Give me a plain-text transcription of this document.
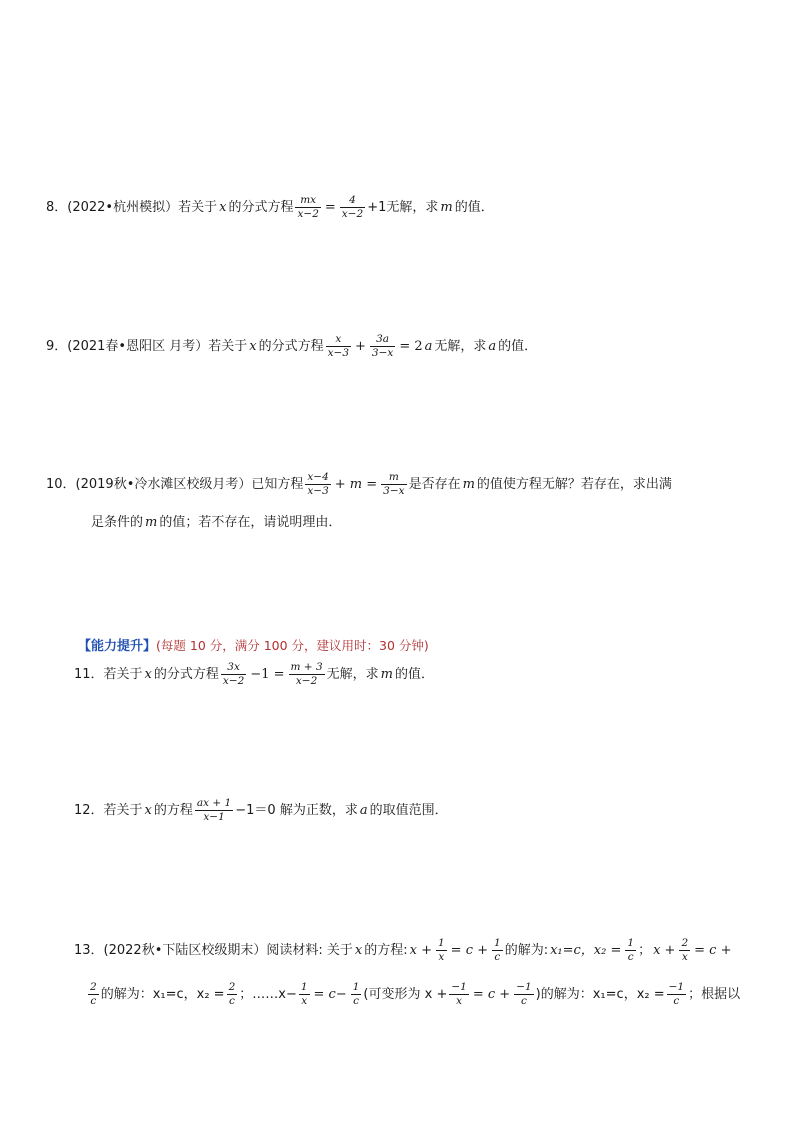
8．(2022•杭州模拟）若关于 x 的分式方程 $\frac{mx}{x-2} = \frac{4}{x-2} +1$无解，求 m 的值．
9．(2021春•恩阳区 月考）若关于 x 的分式方程 $\frac{x}{x-3} + \frac{3a}{3-x} = 2$ a 无解，求 a 的值．
10．(2019秋•冷水滩区校级月考）已知方程 $\frac{x-4}{x-3} + m = \frac{m}{3-x}$ 是否存在 m 的值使方程无解？若存在，求出满
足条件的 m 的值；若不存在，请说明理由．
【能力提升】 (每题 10 分，满分 100 分，建议用时：30 分钟)
11．若关于 x 的分式方程 $\frac{3x}{x-2} -1 = \frac{m + 3}{x-2}$ 无解，求 m 的值．
12．若关于 x 的方程 $\frac{ax + 1}{x-1} -1=0$ 解为正数，求 a 的取值范围．
13．(2022秋•下陆区校级期末）阅读材料: 关于 x 的方程: $x + \frac{1}{x} = c + \frac{1}{c}$ 的解为: x₁=c，$x_2 = \frac{1}{c}$ ； $x + \frac{2}{x} = c$ +
$\frac{2}{c}$ 的解为：x₁=c，$x_2 = \frac{2}{c}$ ；……x− $\frac{1}{x} = c- \frac{1}{c}$ (可变形为 $x + \frac{-1}{x} = c + \frac{-1}{c}$ )的解为：x₁=c，$x_2 = \frac{-1}{c}$ ；根据以
